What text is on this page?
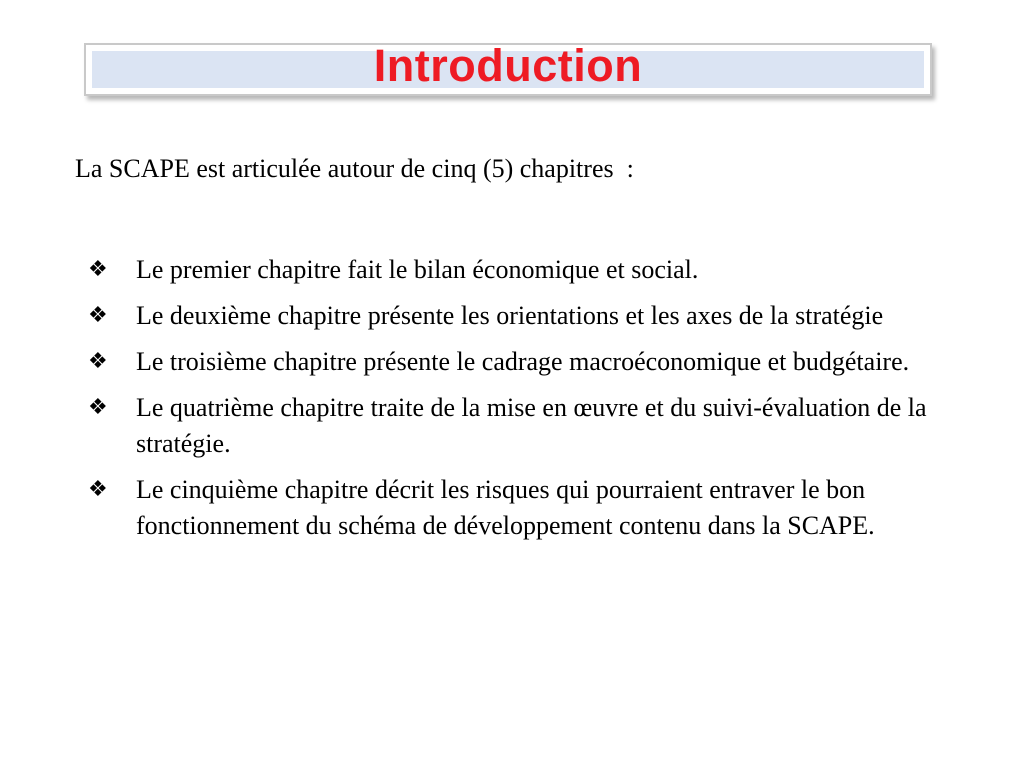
Introduction
La SCAPE est articulée autour de cinq (5) chapitres  :
❖	Le premier chapitre fait le bilan économique et social.
❖	Le deuxième chapitre présente les orientations et les axes de la stratégie
❖	Le troisième chapitre présente le cadrage macroéconomique et budgétaire.
❖	Le quatrième chapitre traite de la mise en œuvre et du suivi-évaluation de la stratégie.
❖	Le cinquième chapitre décrit les risques qui pourraient entraver le bon fonctionnement du schéma de développement contenu dans la SCAPE.
